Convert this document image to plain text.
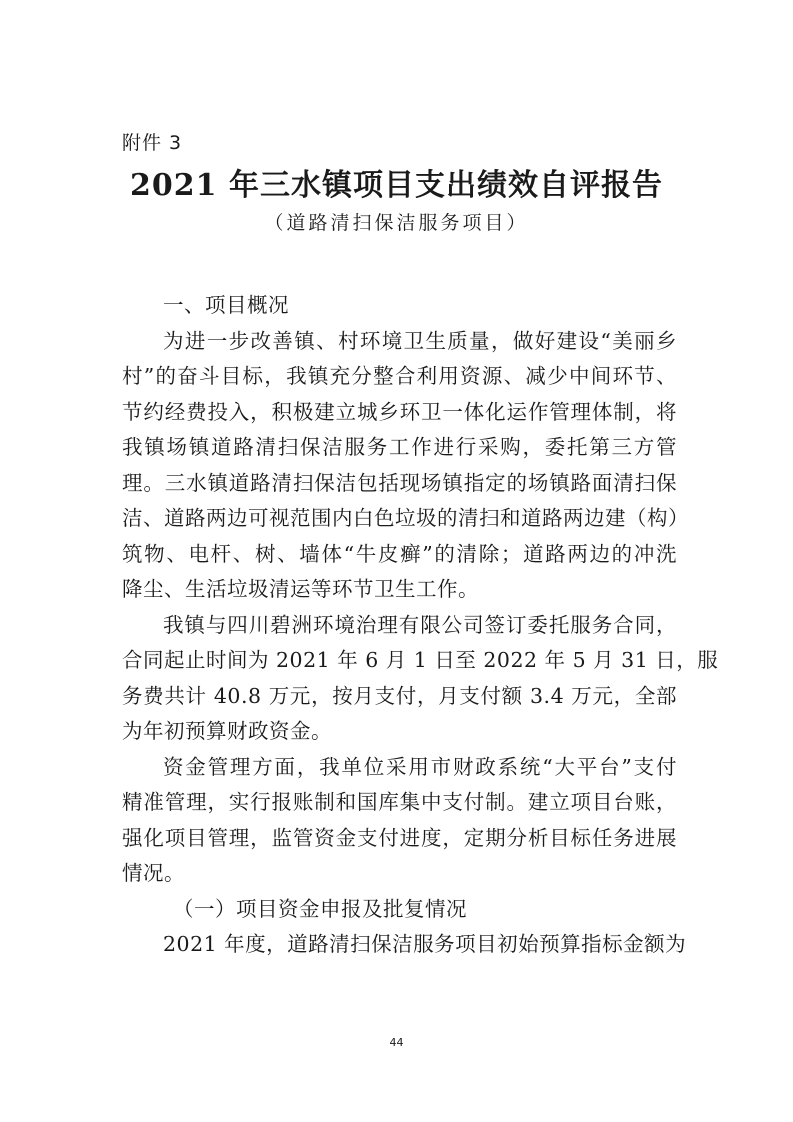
附件 3
2021 年三水镇项目支出绩效自评报告
（道路清扫保洁服务项目）
一、项目概况
为进一步改善镇、村环境卫生质量，做好建设“美丽乡
村”的奋斗目标，我镇充分整合利用资源、减少中间环节、
节约经费投入，积极建立城乡环卫一体化运作管理体制，将
我镇场镇道路清扫保洁服务工作进行采购，委托第三方管
理。三水镇道路清扫保洁包括现场镇指定的场镇路面清扫保
洁、道路两边可视范围内白色垃圾的清扫和道路两边建（构）
筑物、电杆、树、墙体“牛皮癣”的清除；道路两边的冲洗
降尘、生活垃圾清运等环节卫生工作。
我镇与四川碧洲环境治理有限公司签订委托服务合同，
合同起止时间为 2021 年 6 月 1 日至 2022 年 5 月 31 日，服
务费共计 40.8 万元，按月支付，月支付额 3.4 万元，全部
为年初预算财政资金。
资金管理方面，我单位采用市财政系统“大平台”支付
精准管理，实行报账制和国库集中支付制。建立项目台账，
强化项目管理，监管资金支付进度，定期分析目标任务进展
情况。
（一）项目资金申报及批复情况
2021 年度，道路清扫保洁服务项目初始预算指标金额为
44
